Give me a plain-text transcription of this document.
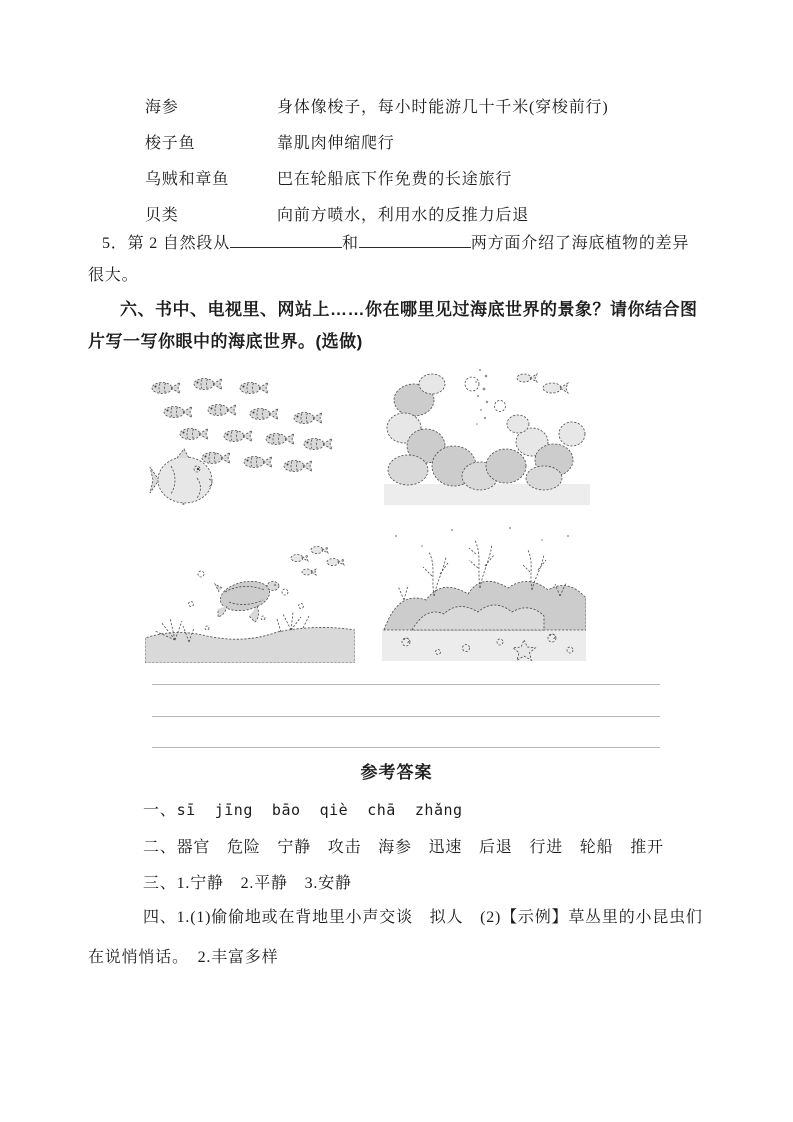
海参	身体像梭子，每小时能游几十千米(穿梭前行)
梭子鱼	靠肌肉伸缩爬行
乌贼和章鱼	巴在轮船底下作免费的长途旅行
贝类	向前方喷水，利用水的反推力后退

5．第 2 自然段从	和	两方面介绍了海底植物的差异很大。

六、书中、电视里、网站上……你在哪里见过海底世界的景象？请你结合图片写一写你眼中的海底世界。(选做)

参考答案

一、sī  jīng  bāo  qiè  chā  zhǎng

二、器官　危险　宁静　攻击　海参　迅速　后退　行进　轮船　推开

三、1.宁静　2.平静　3.安静

四、1.(1)偷偷地或在背地里小声交谈　拟人　(2)【示例】草丛里的小昆虫们在说悄悄话。　2.丰富多样
